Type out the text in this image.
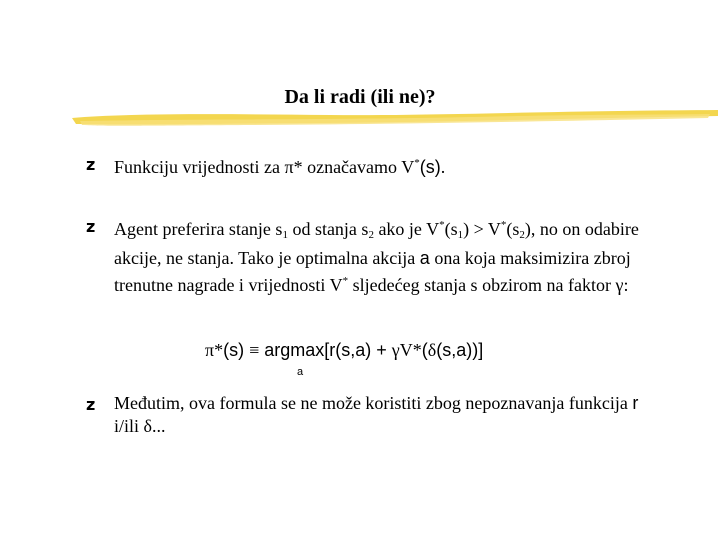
Da li radi (ili ne)?
z Funkciju vrijednosti za π* označavamo V*(s).
z Agent preferira stanje $s_1$ od stanja $s_2$ ako je $V^*(s_1) > V^*(s_2)$, no on odabire akcije, ne stanja. Tako je optimalna akcija a ona koja maksimizira zbroj trenutne nagrade i vrijednosti V* sljedećeg stanja s obzirom na faktor γ:
π*(s) ≡ argmax[r(s,a) + γV*(δ(s,a))]
a
z Međutim, ova formula se ne može koristiti zbog nepoznavanja funkcija r i/ili δ...
